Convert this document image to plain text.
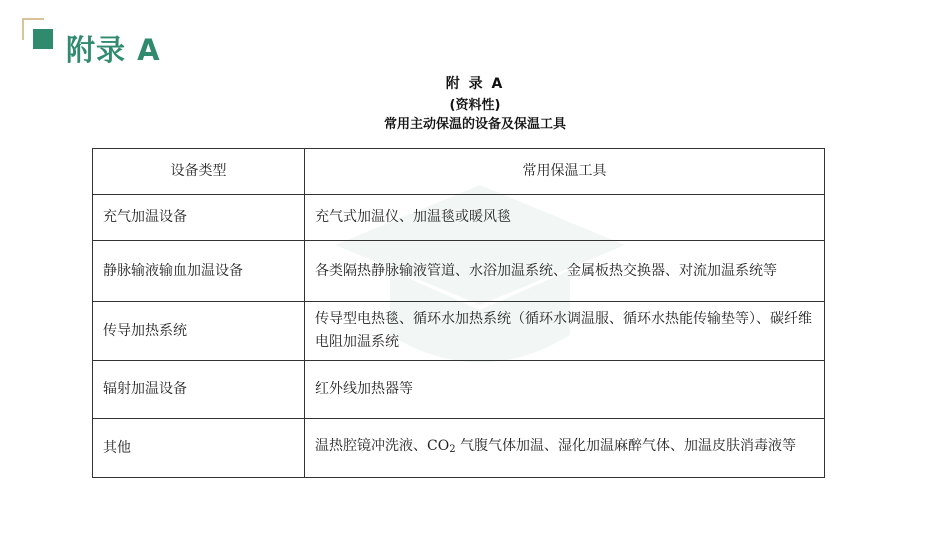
附录 A
附 录 A
(资料性)
常用主动保温的设备及保温工具
设备类型	常用保温工具
充气加温设备	充气式加温仪、加温毯或暖风毯
静脉输液输血加温设备	各类隔热静脉输液管道、水浴加温系统、金属板热交换器、对流加温系统等
传导加热系统	传导型电热毯、循环水加热系统（循环水调温服、循环水热能传输垫等）、碳纤维电阻加温系统
辐射加温设备	红外线加热器等
其他	温热腔镜冲洗液、$CO_2$ 气腹气体加温、湿化加温麻醉气体、加温皮肤消毒液等
